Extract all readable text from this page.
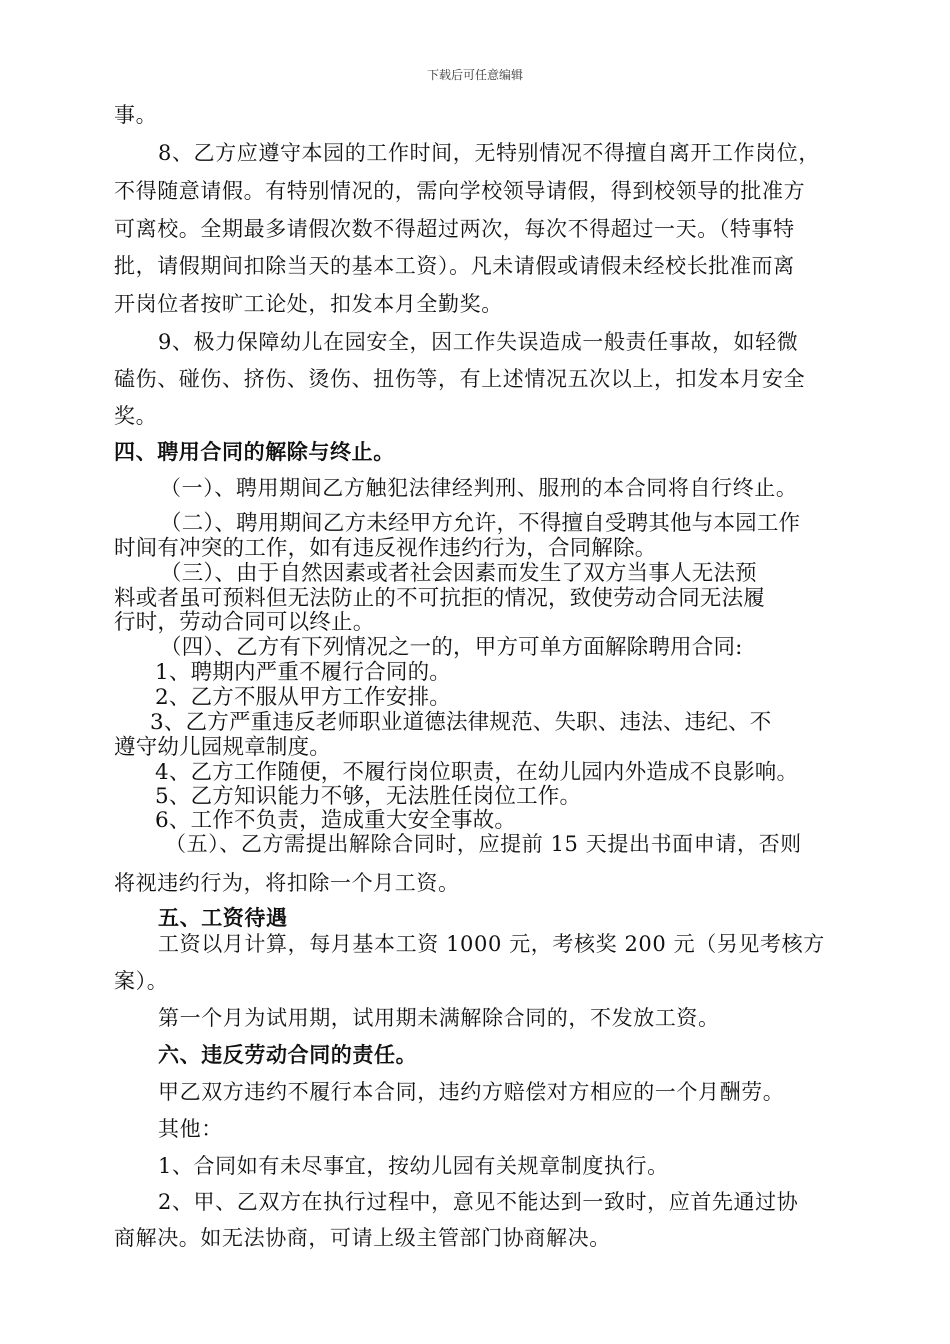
下载后可任意编辑
事。
8、乙方应遵守本园的工作时间，无特别情况不得擅自离开工作岗位，
不得随意请假。有特别情况的，需向学校领导请假，得到校领导的批准方
可离校。全期最多请假次数不得超过两次，每次不得超过一天。（特事特
批，请假期间扣除当天的基本工资）。凡未请假或请假未经校长批准而离
开岗位者按旷工论处，扣发本月全勤奖。
9、极力保障幼儿在园安全，因工作失误造成一般责任事故，如轻微
磕伤、碰伤、挤伤、烫伤、扭伤等，有上述情况五次以上，扣发本月安全
奖。
四、聘用合同的解除与终止。
（一）、聘用期间乙方触犯法律经判刑、服刑的本合同将自行终止。
（二）、聘用期间乙方未经甲方允许，不得擅自受聘其他与本园工作
时间有冲突的工作，如有违反视作违约行为，合同解除。
（三）、由于自然因素或者社会因素而发生了双方当事人无法预
料或者虽可预料但无法防止的不可抗拒的情况，致使劳动合同无法履
行时，劳动合同可以终止。
（四）、乙方有下列情况之一的，甲方可单方面解除聘用合同:
1、聘期内严重不履行合同的。
2、乙方不服从甲方工作安排。
3、乙方严重违反老师职业道德法律规范、失职、违法、违纪、不
遵守幼儿园规章制度。
4、乙方工作随便，不履行岗位职责，在幼儿园内外造成不良影响。
5、乙方知识能力不够，无法胜任岗位工作。
6、工作不负责，造成重大安全事故。
（五）、乙方需提出解除合同时，应提前 15 天提出书面申请，否则
将视违约行为，将扣除一个月工资。
五、工资待遇
工资以月计算，每月基本工资 1000 元，考核奖 200 元（另见考核方
案）。
第一个月为试用期，试用期未满解除合同的，不发放工资。
六、违反劳动合同的责任。
甲乙双方违约不履行本合同，违约方赔偿对方相应的一个月酬劳。
其他：
1、合同如有未尽事宜，按幼儿园有关规章制度执行。
2、甲、乙双方在执行过程中，意见不能达到一致时，应首先通过协
商解决。如无法协商，可请上级主管部门协商解决。
